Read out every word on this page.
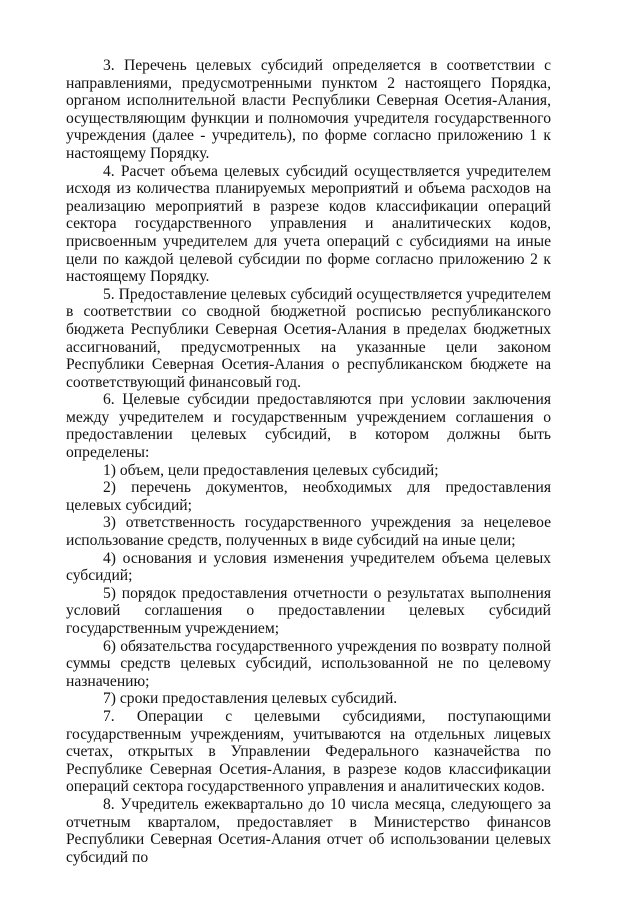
3. Перечень целевых субсидий определяется в соответствии с направлениями, предусмотренными пунктом 2 настоящего Порядка, органом исполнительной власти Республики Северная Осетия-Алания, осуществляющим функции и полномочия учредителя государственного учреждения (далее - учредитель), по форме согласно приложению 1 к настоящему Порядку.

4. Расчет объема целевых субсидий осуществляется учредителем исходя из количества планируемых мероприятий и объема расходов на реализацию мероприятий в разрезе кодов классификации операций сектора государственного управления и аналитических кодов, присвоенным учредителем для учета операций с субсидиями на иные цели по каждой целевой субсидии по форме согласно приложению 2 к настоящему Порядку.

5. Предоставление целевых субсидий осуществляется учредителем в соответствии со сводной бюджетной росписью республиканского бюджета Республики Северная Осетия-Алания в пределах бюджетных ассигнований, предусмотренных на указанные цели законом Республики Северная Осетия-Алания о республиканском бюджете на соответствующий финансовый год.

6. Целевые субсидии предоставляются при условии заключения между учредителем и государственным учреждением соглашения о предоставлении целевых субсидий, в котором должны быть определены:

1) объем, цели предоставления целевых субсидий;

2) перечень документов, необходимых для предоставления целевых субсидий;

3) ответственность государственного учреждения за нецелевое использование средств, полученных в виде субсидий на иные цели;

4) основания и условия изменения учредителем объема целевых субсидий;

5) порядок предоставления отчетности о результатах выполнения условий соглашения о предоставлении целевых субсидий государственным учреждением;

6) обязательства государственного учреждения по возврату полной суммы средств целевых субсидий, использованной не по целевому назначению;

7) сроки предоставления целевых субсидий.

7. Операции с целевыми субсидиями, поступающими государственным учреждениям, учитываются на отдельных лицевых счетах, открытых в Управлении Федерального казначейства по Республике Северная Осетия-Алания, в разрезе кодов классификации операций сектора государственного управления и аналитических кодов.

8. Учредитель ежеквартально до 10 числа месяца, следующего за отчетным кварталом, предоставляет в Министерство финансов Республики Северная Осетия-Алания отчет об использовании целевых субсидий по
